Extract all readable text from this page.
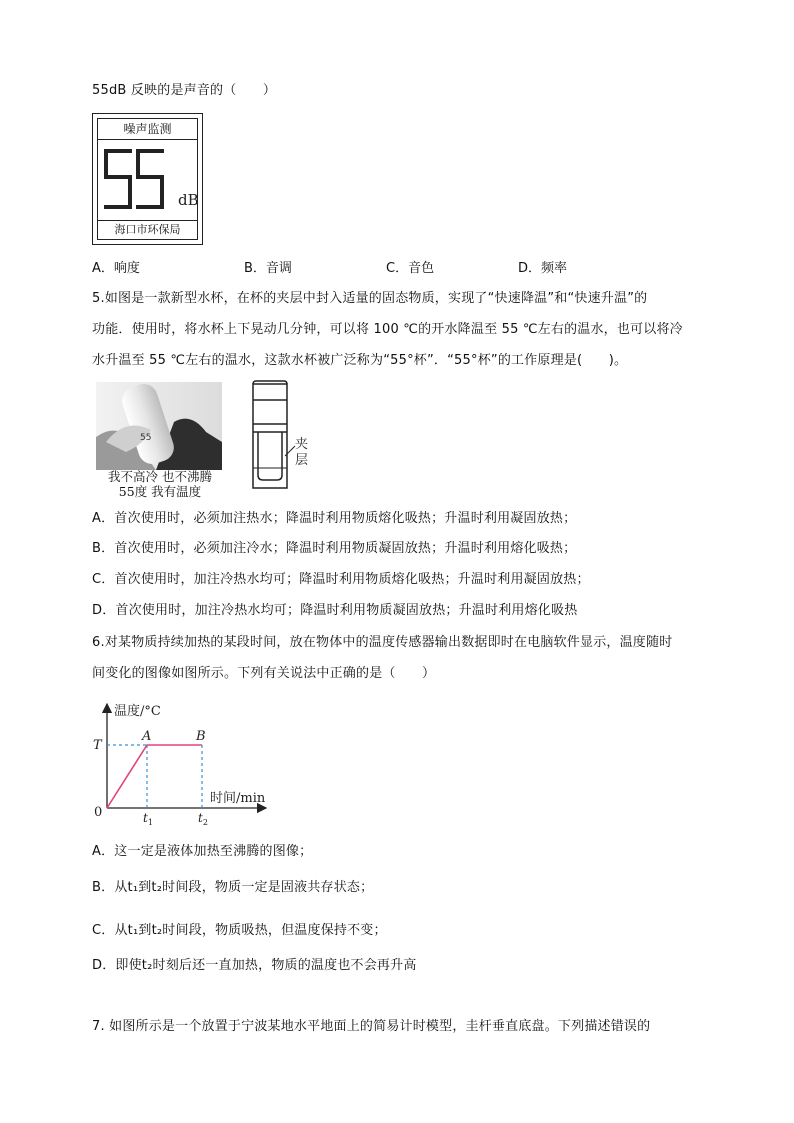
55dB 反映的是声音的（　　）
噪声监测
dB
海口市环保局
A．响度	B．音调	C．音色	D．频率
5.如图是一款新型水杯，在杯的夹层中封入适量的固态物质，实现了“快速降温”和“快速升温”的
功能．使用时，将水杯上下晃动几分钟，可以将 100 ℃的开水降温至 55 ℃左右的温水，也可以将冷
水升温至 55 ℃左右的温水，这款水杯被广泛称为“55°杯”．“55°杯”的工作原理是(　　)。
55
我不高冷 也不沸腾
55度 我有温度
夹
层
A．首次使用时，必须加注热水；降温时利用物质熔化吸热；升温时利用凝固放热；
B．首次使用时，必须加注冷水；降温时利用物质凝固放热；升温时利用熔化吸热；
C．首次使用时，加注冷热水均可；降温时利用物质熔化吸热；升温时利用凝固放热；
D．首次使用时，加注冷热水均可；降温时利用物质凝固放热；升温时利用熔化吸热
6.对某物质持续加热的某段时间，放在物体中的温度传感器输出数据即时在电脑软件显示，温度随时
间变化的图像如图所示。下列有关说法中正确的是（　　）
温度/°C
时间/min
T
0
A	B
$t_1$	$t_2$
A．这一定是液体加热至沸腾的图像；
B．从t₁到t₂时间段，物质一定是固液共存状态；
C．从t₁到t₂时间段，物质吸热，但温度保持不变；
D．即使t₂时刻后还一直加热，物质的温度也不会再升高
7. 如图所示是一个放置于宁波某地水平地面上的简易计时模型，圭杆垂直底盘。下列描述错误的
